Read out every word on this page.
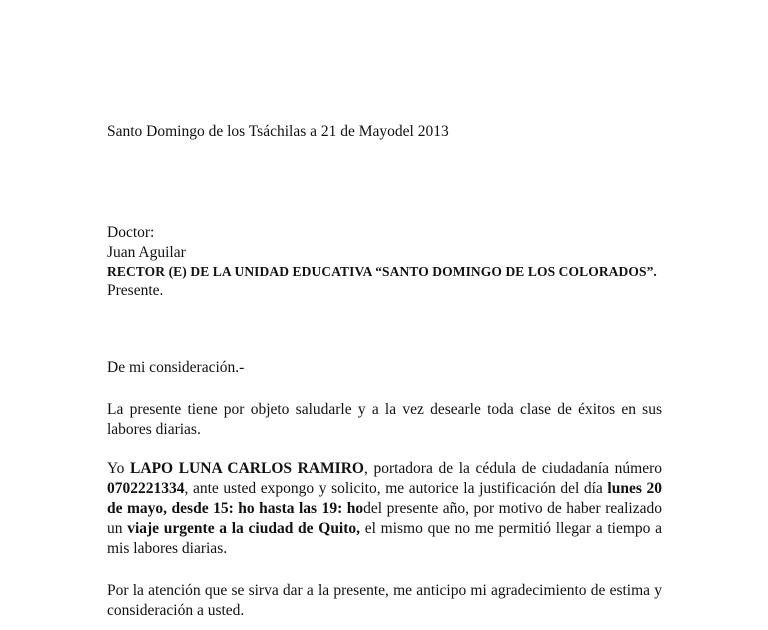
Santo Domingo de los Tsáchilas a 21 de Mayodel 2013
Doctor:
Juan Aguilar
RECTOR (E) DE LA UNIDAD EDUCATIVA “SANTO DOMINGO DE LOS COLORADOS”.
Presente.
De mi consideración.-
La presente tiene por objeto saludarle y a la vez desearle toda clase de éxitos en sus labores diarias.
Yo LAPO LUNA CARLOS RAMIRO, portadora de la cédula de ciudadanía número 0702221334, ante usted expongo y solicito, me autorice la justificación del día lunes 20 de mayo, desde 15: ho hasta las 19: hodel presente año, por motivo de haber realizado un viaje urgente a la ciudad de Quito, el mismo que no me permitió llegar a tiempo a mis labores diarias.
Por la atención que se sirva dar a la presente, me anticipo mi agradecimiento de estima y consideración a usted.
